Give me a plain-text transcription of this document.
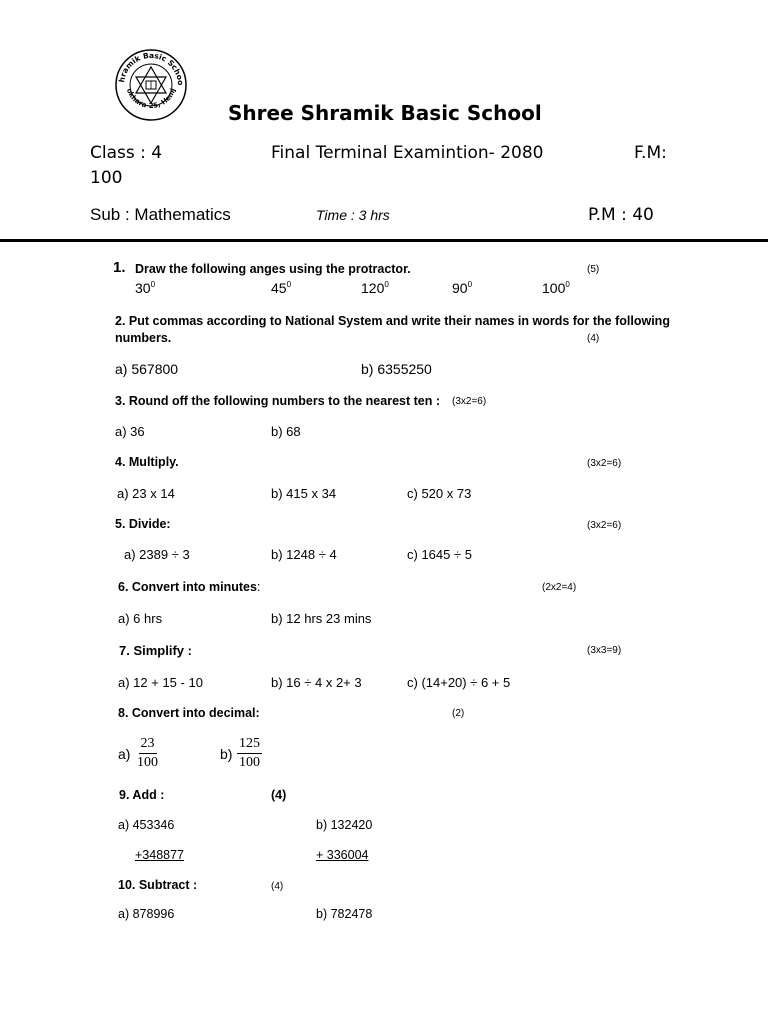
hramik Basic Schoo
okhara-25, Hemj
Shree Shramik Basic School
Class : 4	Final Terminal Examintion- 2080	F.M:
100
Sub : Mathematics	Time : 3 hrs	P.M : 40
1. Draw the following anges using the protractor.	(5)
$30^0$	$45^0$	$120^0$	$90^0$	$100^0$
2. Put commas according to National System and write their names in words for the following
numbers.	(4)
a) 567800	b) 6355250
3. Round off the following numbers to the nearest ten : (3x2=6)
a) 36	b) 68
4. Multiply.	(3x2=6)
a) 23 x 14	b) 415 x 34	c) 520 x 73
5. Divide:	(3x2=6)
a) 2389 ÷ 3	b) 1248 ÷ 4	c) 1645 ÷ 5
6. Convert into minutes:	(2x2=4)
a) 6 hrs	b) 12 hrs 23 mins
7. Simplify :	(3x3=9)
a) 12 + 15 - 10	b) 16 ÷ 4 x 2+ 3	c) (14+20) ÷ 6 + 5
8. Convert into decimal:	(2)
$a) \frac{23}{100}$	$b) \frac{125}{100}$
9. Add :	(4)
a) 453346	b) 132420
+348877	+ 336004
10. Subtract :	(4)
a) 878996	b) 782478
